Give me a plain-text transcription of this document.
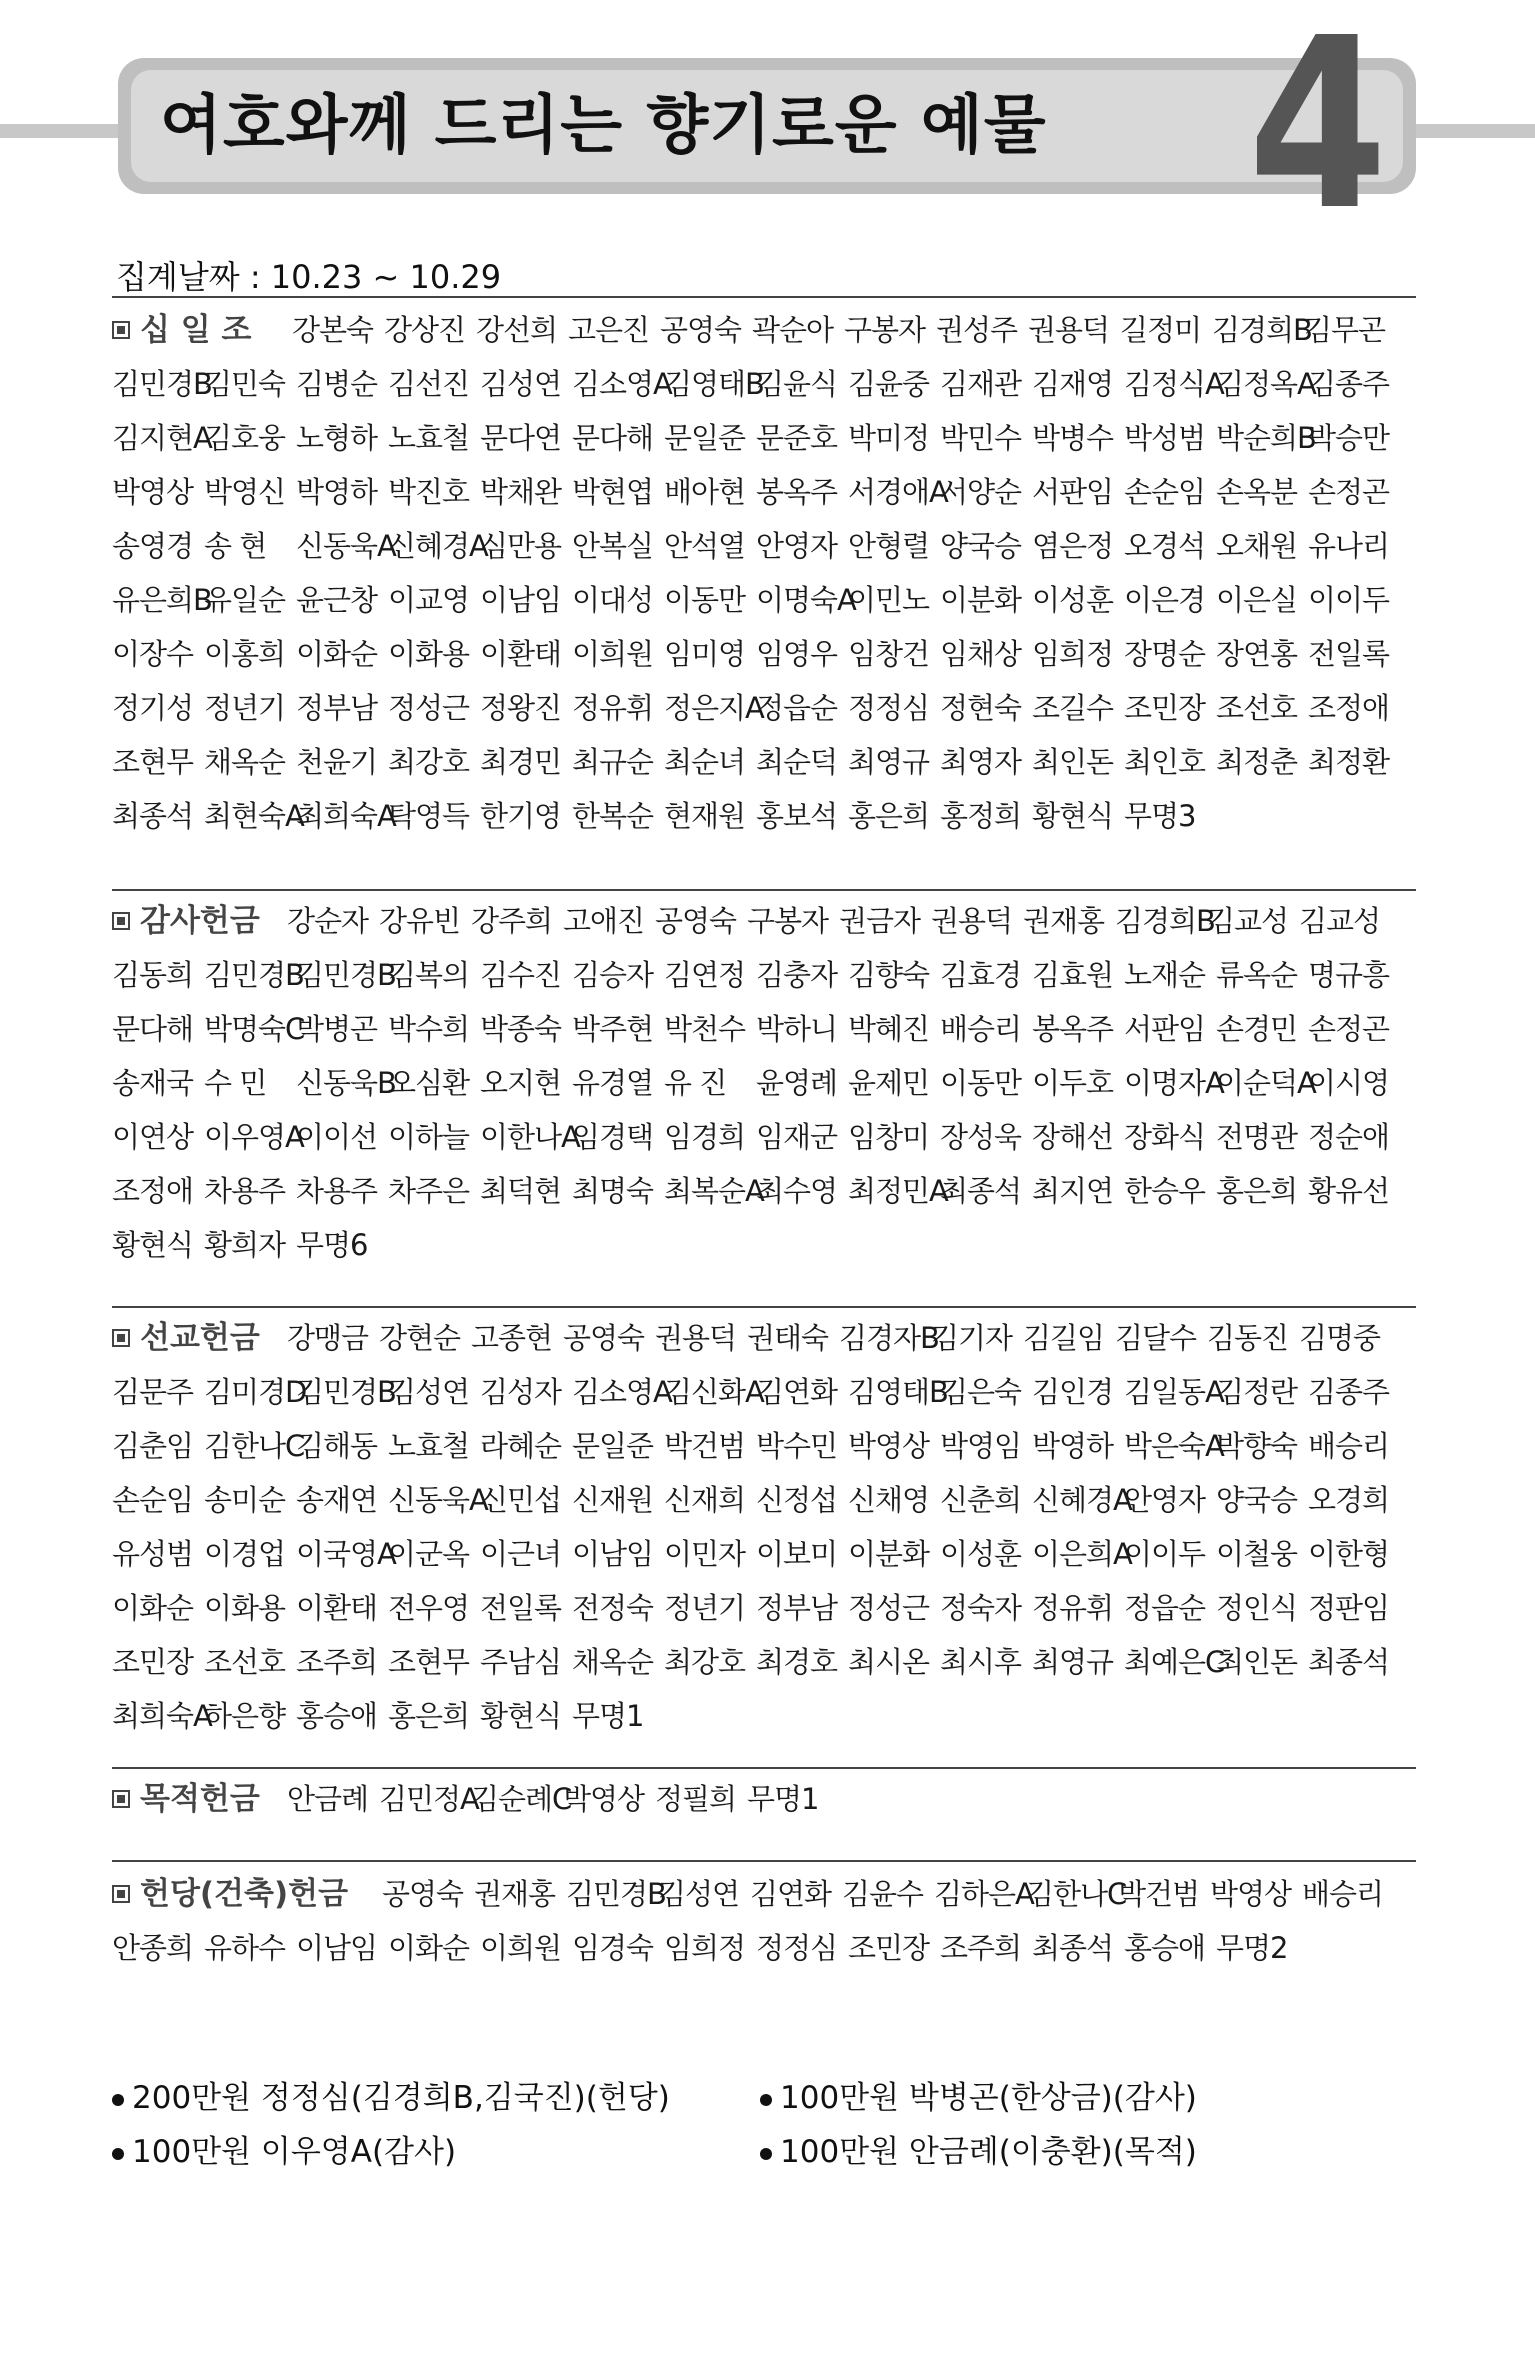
여호와께 드리는 향기로운 예물 4
집계날짜 : 10.23 ~ 10.29
십 일 조 강본숙 강상진 강선희 고은진 공영숙 곽순아 구봉자 권성주 권용덕 길정미 김경희B
김무곤
김민경B
김민숙 김병순 김선진 김성연 김소영A
김영태B
김윤식 김윤중 김재관 김재영 김정식A
김정옥A
김종주
김지현A
김호웅 노형하 노효철 문다연 문다해 문일준 문준호 박미정 박민수 박병수 박성범 박순희B
박승만
박영상 박영신 박영하 박진호 박채완 박현엽 배아현 봉옥주 서경애A
서양순 서판임 손순임 손옥분 손정곤
송영경 송 현	신동욱A
신혜경A
심만용 안복실 안석열 안영자 안형렬 양국승 염은정 오경석 오채원 유나리
유은희B
유일순 윤근창 이교영 이남임 이대성 이동만 이명숙A
이민노 이분화 이성훈 이은경 이은실 이이두
이장수 이홍희 이화순 이화용 이환태 이희원 임미영 임영우 임창건 임채상 임희정 장명순 장연홍 전일록
정기성 정년기 정부남 정성근 정왕진 정유휘 정은지A
정읍순 정정심 정현숙 조길수 조민장 조선호 조정애
조현무 채옥순 천윤기 최강호 최경민 최규순 최순녀 최순덕 최영규 최영자 최인돈 최인호 최정춘 최정환
최종석 최현숙A
최희숙A
탁영득 한기영 한복순 현재원 홍보석 홍은희 홍정희 황현식 무명3
감사헌금 강순자 강유빈 강주희 고애진 공영숙 구봉자 권금자 권용덕 권재홍 김경희B
김교성 김교성
김동희 김민경B
김민경B
김복의 김수진 김승자 김연정 김충자 김향숙 김효경 김효원 노재순 류옥순 명규흥
문다해 박명숙C
박병곤 박수희 박종숙 박주현 박천수 박하니 박혜진 배승리 봉옥주 서판임 손경민 손정곤
송재국 수 민	신동욱B
오심환 오지현 유경열 유 진	윤영례 윤제민 이동만 이두호 이명자A
이순덕A
이시영
이연상 이우영A
이이선 이하늘 이한나A
임경택 임경희 임재군 임창미 장성욱 장해선 장화식 전명관 정순애
조정애 차용주 차용주 차주은 최덕현 최명숙 최복순A
최수영 최정민A
최종석 최지연 한승우 홍은희 황유선
황현식 황희자 무명6
선교헌금 강맹금 강현순 고종현 공영숙 권용덕 권태숙 김경자B
김기자 김길임 김달수 김동진 김명중
김문주 김미경D
김민경B
김성연 김성자 김소영A
김신화A
김연화 김영태B
김은숙 김인경 김일동A
김정란 김종주
김춘임 김한나C
김해동 노효철 라혜순 문일준 박건범 박수민 박영상 박영임 박영하 박은숙A
박향숙 배승리
손순임 송미순 송재연 신동욱A
신민섭 신재원 신재희 신정섭 신채영 신춘희 신혜경A
안영자 양국승 오경희
유성범 이경업 이국영A
이군옥 이근녀 이남임 이민자 이보미 이분화 이성훈 이은희A
이이두 이철웅 이한형
이화순 이화용 이환태 전우영 전일록 전정숙 정년기 정부남 정성근 정숙자 정유휘 정읍순 정인식 정판임
조민장 조선호 조주희 조현무 주남심 채옥순 최강호 최경호 최시온 최시후 최영규 최예은C
최인돈 최종석
최희숙A
하은향 홍승애 홍은희 황현식 무명1
목적헌금 안금례 김민정A
김순례C
박영상 정필희 무명1
헌당(건축)헌금 공영숙 권재홍 김민경B
김성연 김연화 김윤수 김하은A
김한나C
박건범 박영상 배승리
안종희 유하수 이남임 이화순 이희원 임경숙 임희정 정정심 조민장 조주희 최종석 홍승애 무명2
200만원 정정심(김경희B,김국진)(헌당)	100만원 박병곤(한상금)(감사)
100만원 이우영A(감사)	100만원 안금례(이충환)(목적)
